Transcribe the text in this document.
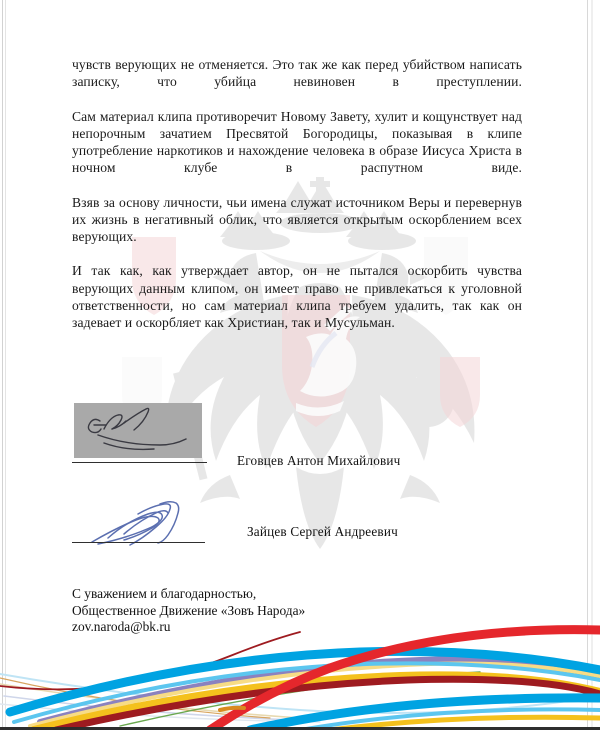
чувств верующих не отменяется. Это так же как перед убийством написать записку, что убийца невиновен в преступлении.

Сам материал клипа противоречит Новому Завету, хулит и кощунствует над непорочным зачатием Пресвятой Богородицы, показывая в клипе употребление наркотиков и нахождение человека в образе Иисуса Христа в ночном клубе в распутном виде.

Взяв за основу личности, чьи имена служат источником Веры и перевернув их жизнь в негативный облик, что является открытым оскорблением всех верующих.

И так как, как утверждает автор, он не пытался оскорбить чувства верующих данным клипом, он имеет право не привлекаться к уголовной ответственности, но сам материал клипа требуем удалить, так как он задевает и оскорбляет как Христиан, так и Мусульман.

Еговцев Антон Михайлович
Зайцев Сергей Андреевич
С уважением и благодарностью,
Общественное Движение «Зовъ Народа»
zov.naroda@bk.ru
